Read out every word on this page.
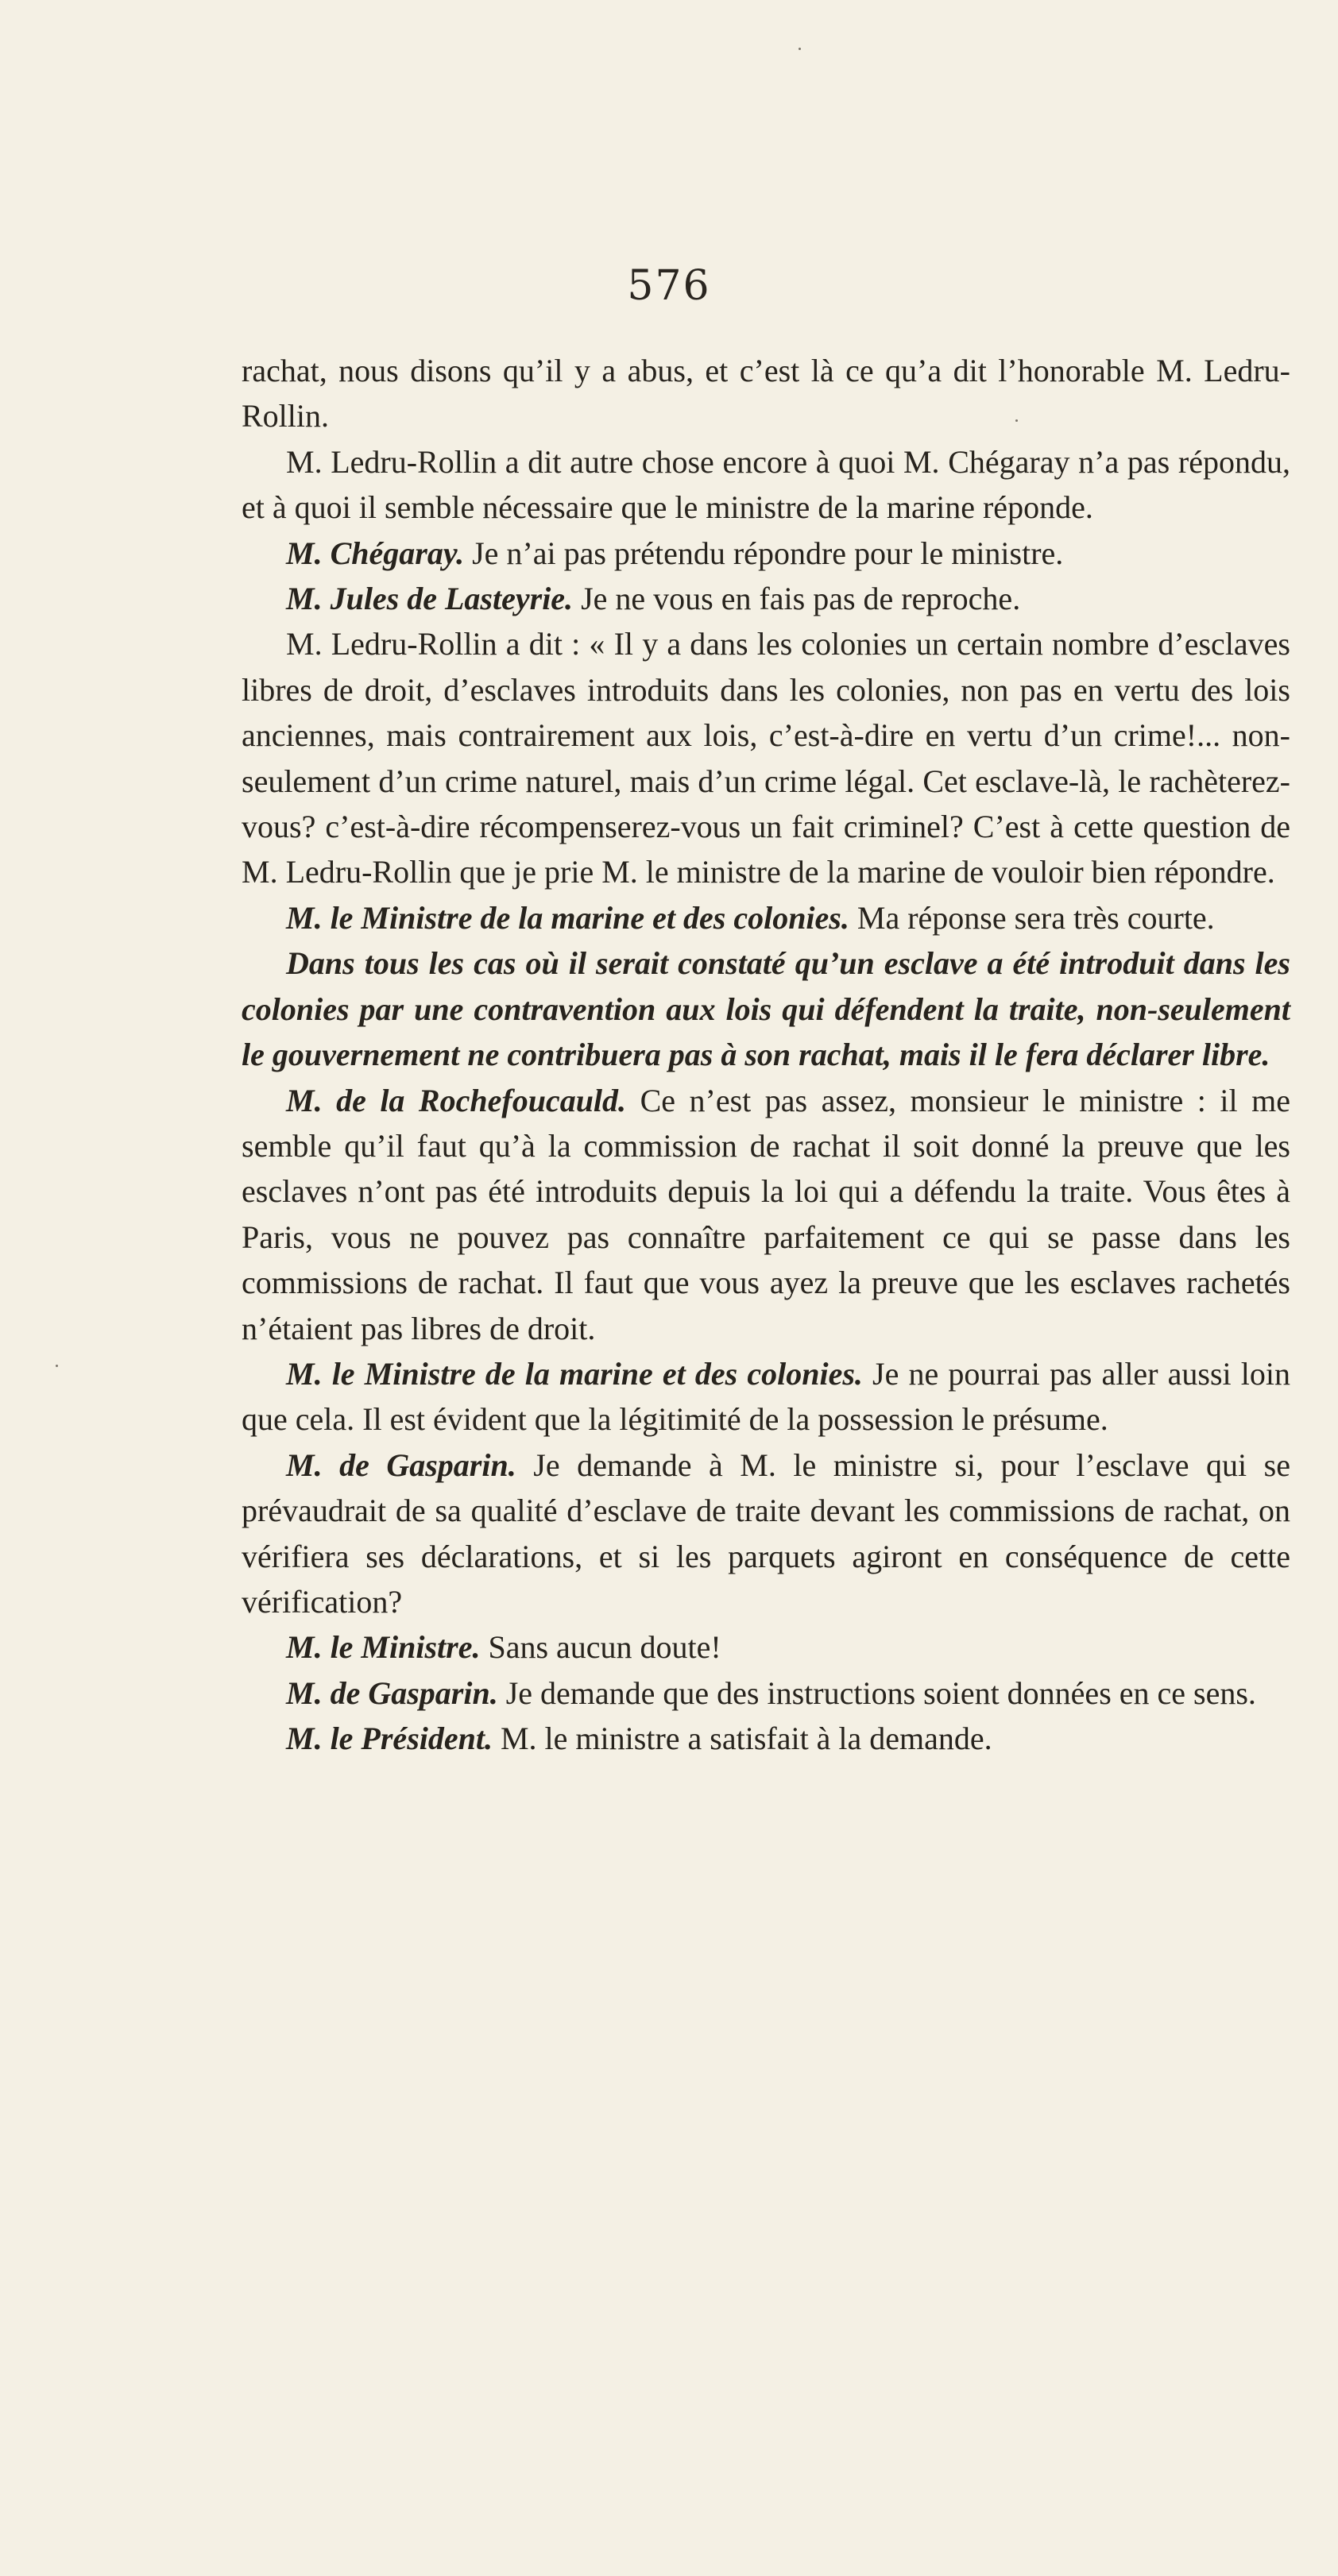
576

rachat, nous disons qu’il y a abus, et c’est là ce qu’a dit l’honorable M. Ledru-Rollin.

M. Ledru-Rollin a dit autre chose encore à quoi M. Chégaray n’a pas répondu, et à quoi il semble nécessaire que le ministre de la marine réponde.

M. Chégaray. Je n’ai pas prétendu répondre pour le ministre.

M. Jules de Lasteyrie. Je ne vous en fais pas de reproche.

M. Ledru-Rollin a dit : « Il y a dans les colonies un certain nombre d’esclaves libres de droit, d’esclaves introduits dans les colonies, non pas en vertu des lois anciennes, mais contrairement aux lois, c’est-à-dire en vertu d’un crime!... non-seulement d’un crime naturel, mais d’un crime légal. Cet esclave-là, le rachèterez-vous? c’est-à-dire récompenserez-vous un fait criminel? C’est à cette question de M. Ledru-Rollin que je prie M. le ministre de la marine de vouloir bien répondre.

M. le Ministre de la marine et des colonies. Ma réponse sera très courte.

Dans tous les cas où il serait constaté qu’un esclave a été introduit dans les colonies par une contravention aux lois qui défendent la traite, non-seulement le gouvernement ne contribuera pas à son rachat, mais il le fera déclarer libre.

M. de la Rochefoucauld. Ce n’est pas assez, monsieur le ministre : il me semble qu’il faut qu’à la commission de rachat il soit donné la preuve que les esclaves n’ont pas été introduits depuis la loi qui a défendu la traite. Vous êtes à Paris, vous ne pouvez pas connaître parfaitement ce qui se passe dans les commissions de rachat. Il faut que vous ayez la preuve que les esclaves rachetés n’étaient pas libres de droit.

M. le Ministre de la marine et des colonies. Je ne pourrai pas aller aussi loin que cela. Il est évident que la légitimité de la possession le présume.

M. de Gasparin. Je demande à M. le ministre si, pour l’esclave qui se prévaudrait de sa qualité d’esclave de traite devant les commissions de rachat, on vérifiera ses déclarations, et si les parquets agiront en conséquence de cette vérification?

M. le Ministre. Sans aucun doute!

M. de Gasparin. Je demande que des instructions soient données en ce sens.

M. le Président. M. le ministre a satisfait à la demande.
